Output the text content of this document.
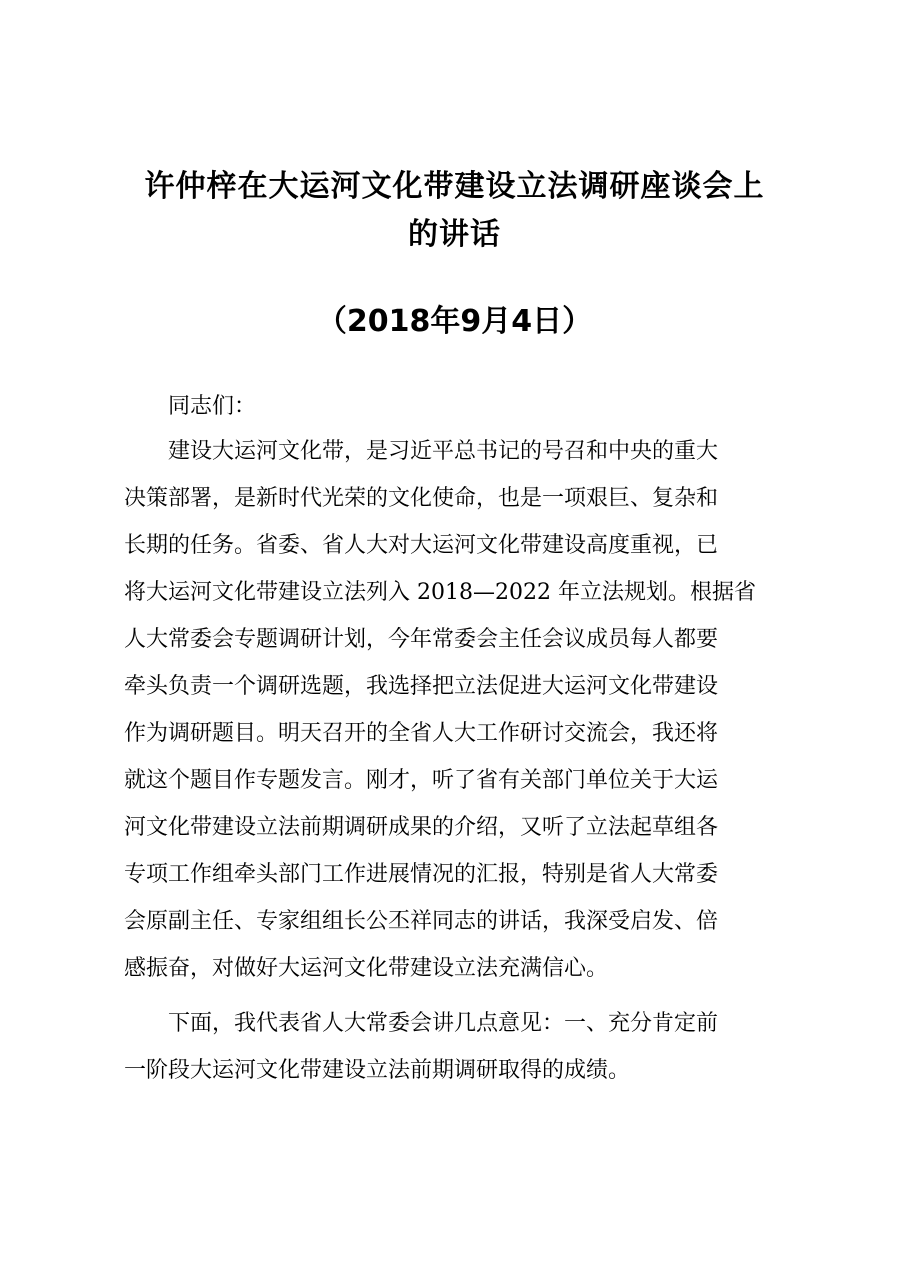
许仲梓在大运河文化带建设立法调研座谈会上
的讲话

（2018年9月4日）

同志们：

建设大运河文化带，是习近平总书记的号召和中央的重大

决策部署，是新时代光荣的文化使命，也是一项艰巨、复杂和

长期的任务。省委、省人大对大运河文化带建设高度重视，已

将大运河文化带建设立法列入 2018—2022 年立法规划。根据省

人大常委会专题调研计划，今年常委会主任会议成员每人都要

牵头负责一个调研选题，我选择把立法促进大运河文化带建设

作为调研题目。明天召开的全省人大工作研讨交流会，我还将

就这个题目作专题发言。刚才，听了省有关部门单位关于大运

河文化带建设立法前期调研成果的介绍，又听了立法起草组各

专项工作组牵头部门工作进展情况的汇报，特别是省人大常委

会原副主任、专家组组长公丕祥同志的讲话，我深受启发、倍

感振奋，对做好大运河文化带建设立法充满信心。

下面，我代表省人大常委会讲几点意见：一、充分肯定前

一阶段大运河文化带建设立法前期调研取得的成绩。
